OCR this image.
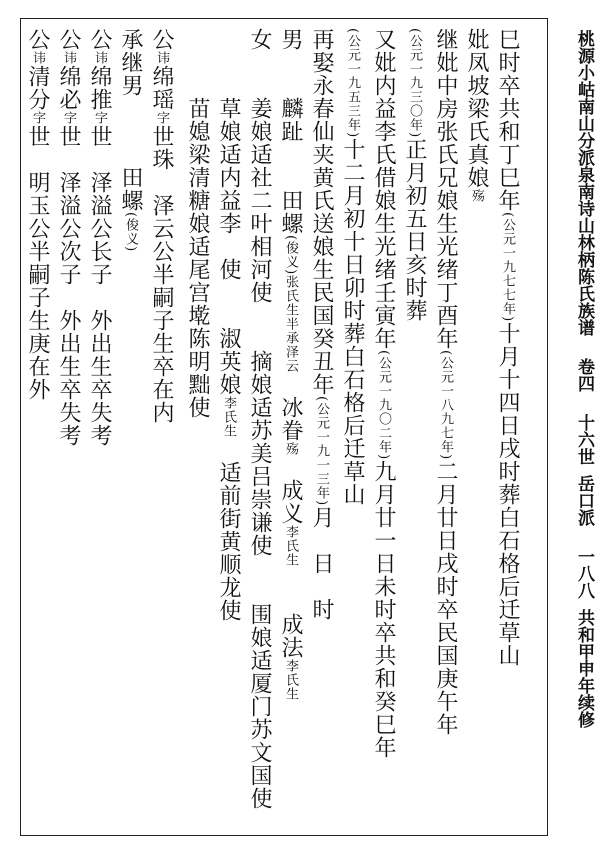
桃源小岵南山分派泉南诗山林柄陈氏族谱卷四十六世岳口派一八八共和甲申年续修
巳时卒共和丁巳年(公元一九七七年)十月十四日戌时葬白石格后迁草山
妣凤坡梁氏真娘殇
继妣中房张氏兄娘生光绪丁酉年(公元一八九七年)二月廿日戌时卒民国庚午年
(公元一九三〇年)正月初五日亥时葬
又妣内益李氏借娘生光绪壬寅年(公元一九〇二年)九月廿一日未时卒共和癸巳年
(公元一九五三年)十二月初十日卯时葬白石格后迁草山
再娶永春仙夹黄氏送娘生民国癸丑年(公元一九一三年)月　日　时
男　　麟趾　　田螺(俊义)张氏生半承泽云　冰眷殇　成义李氏生　　成法李氏生
女　　姜娘适社二叶相河使　　摘娘适苏美吕崇谦使　　围娘适厦门苏文国使
　　　草娘适内益李　使　　淑英娘李氏生　适前街黄顺龙使
　　　苗媳梁清糖娘适尾宫墘陈明黜使
公讳绵瑶字世珠　泽云公半嗣子生卒在内
承继男　　　田螺(俊义)
公讳绵推字世　泽溢公长子　外出生卒失考
公讳绵必字世　泽溢公次子　外出生卒失考
公讳清分字世　明玉公半嗣子生庚在外
